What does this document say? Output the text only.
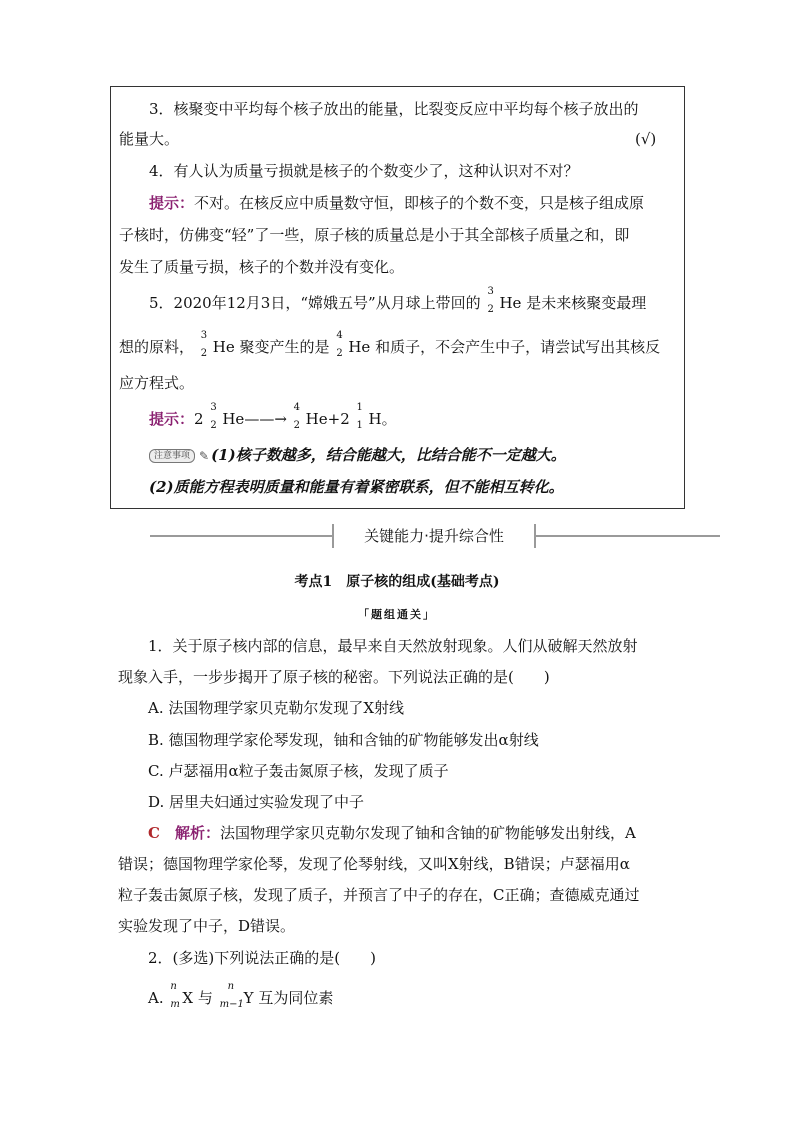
3．核聚变中平均每个核子放出的能量，比裂变反应中平均每个核子放出的
能量大。	(√)
4．有人认为质量亏损就是核子的个数变少了，这种认识对不对？
提示：不对。在核反应中质量数守恒，即核子的个数不变，只是核子组成原
子核时，仿佛变“轻”了一些，原子核的质量总是小于其全部核子质量之和，即
发生了质量亏损，核子的个数并没有变化。
5．2020年12月3日，“嫦娥五号”从月球上带回的
3
2 He 是未来核聚变最理
想的原料，
3
2 He 聚变产生的是
4
2 He 和质子，不会产生中子，请尝试写出其核反
应方程式。
提示：2
3
2 He——→
4
2 He+2
1
1 H。
注意事项 ✎ (1)核子数越多，结合能越大，比结合能不一定越大。
(2)质能方程表明质量和能量有着紧密联系，但不能相互转化。
关键能力·提升综合性
考点1　原子核的组成(基础考点)
「题组通关」
1．关于原子核内部的信息，最早来自天然放射现象。人们从破解天然放射
现象入手，一步步揭开了原子核的秘密。下列说法正确的是(　　)
A. 法国物理学家贝克勒尔发现了X射线
B. 德国物理学家伦琴发现，铀和含铀的矿物能够发出α射线
C. 卢瑟福用α粒子轰击氮原子核，发现了质子
D. 居里夫妇通过实验发现了中子
C　 解析：法国物理学家贝克勒尔发现了铀和含铀的矿物能够发出射线，A
错误；德国物理学家伦琴，发现了伦琴射线，又叫X射线，B错误；卢瑟福用α
粒子轰击氮原子核，发现了质子，并预言了中子的存在，C正确；查德威克通过
实验发现了中子，D错误。
2．(多选)下列说法正确的是(　　)
A.
n
m X 与
n
m−1 Y 互为同位素
